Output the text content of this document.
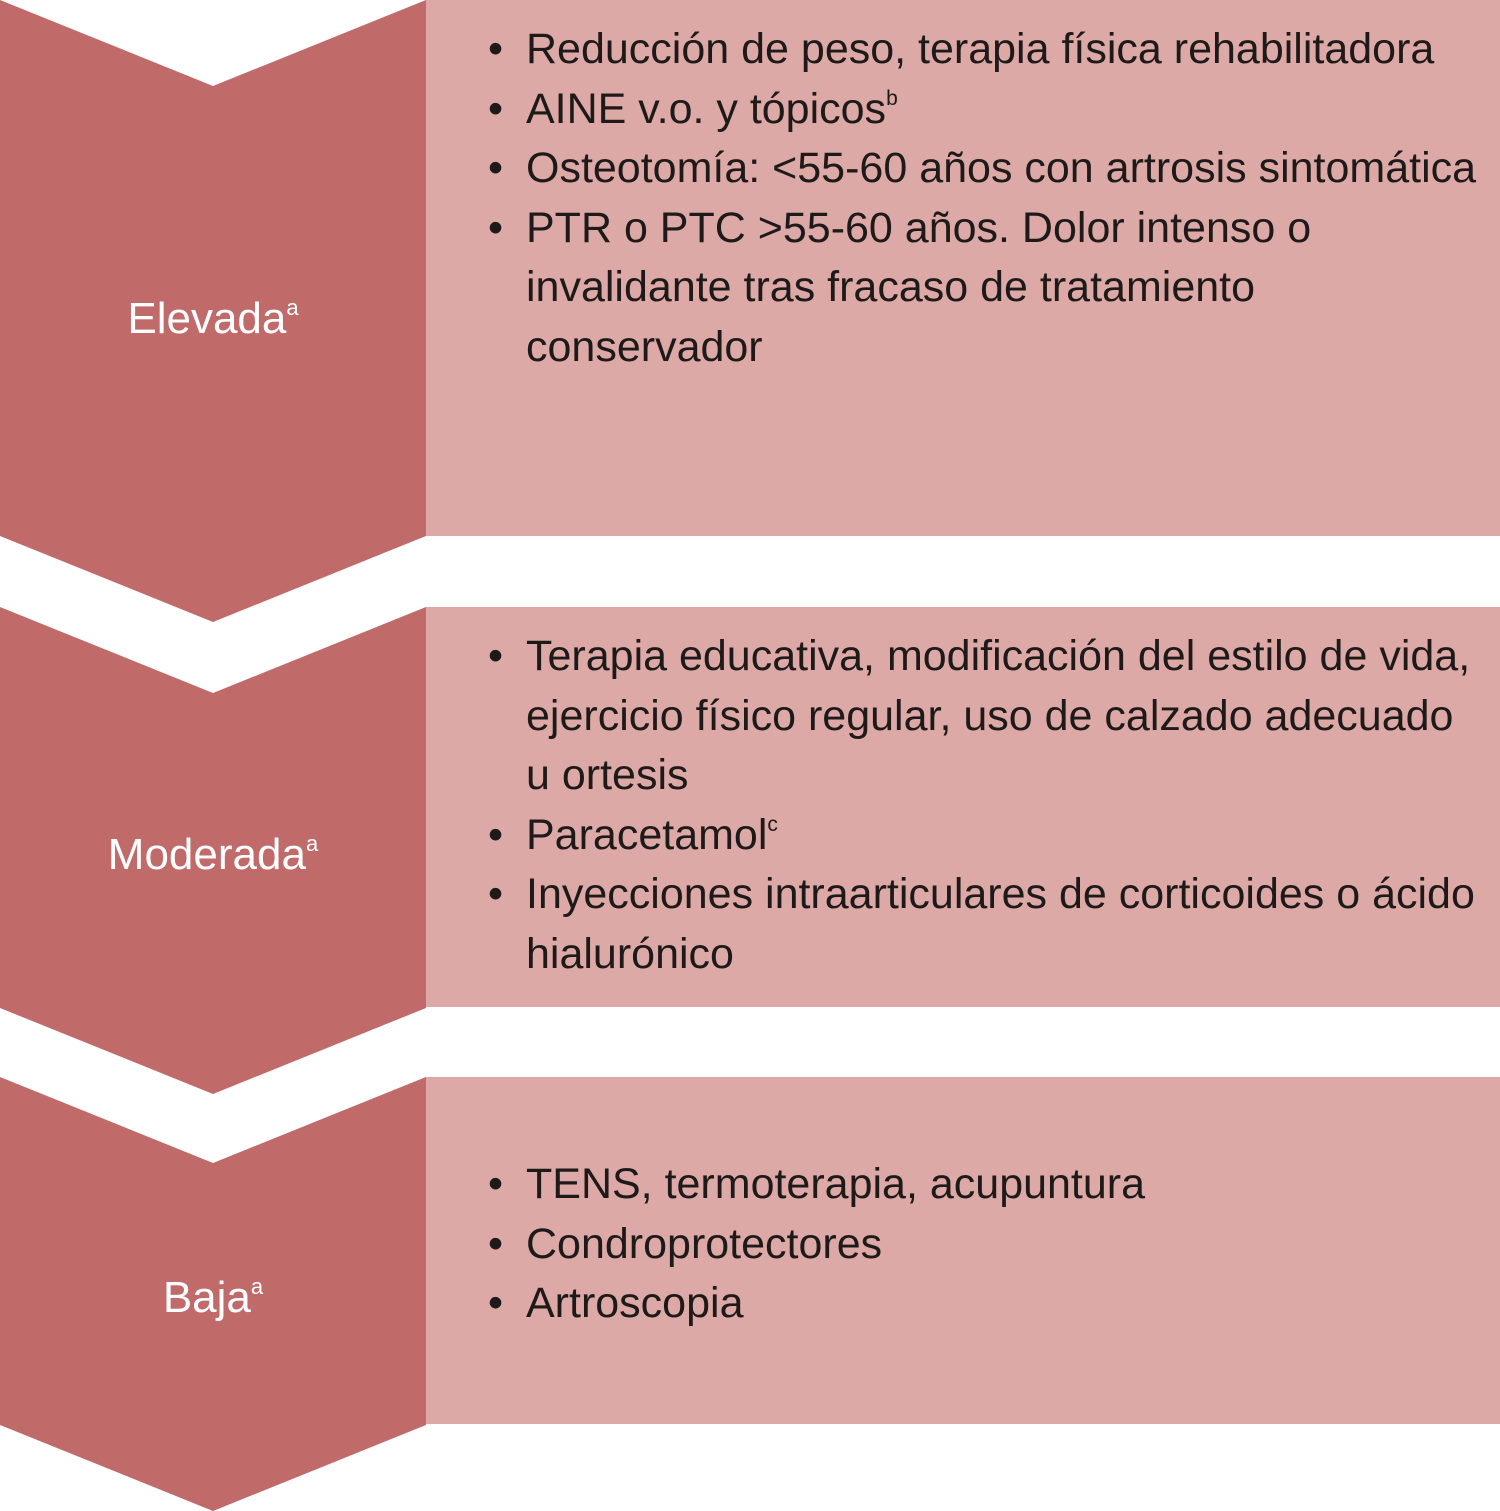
Elevada$^a$
• Reducción de peso, terapia física rehabilitadora
• AINE v.o. y tópicos$^b$
• Osteotomía: <55-60 años con artrosis sintomática
• PTR o PTC >55-60 años. Dolor intenso o invalidante tras fracaso de tratamiento conservador
Moderada$^a$
• Terapia educativa, modificación del estilo de vida, ejercicio físico regular, uso de calzado adecuado u ortesis
• Paracetamol$^c$
• Inyecciones intraarticulares de corticoides o ácido hialurónico
Baja$^a$
• TENS, termoterapia, acupuntura
• Condroprotectores
• Artroscopia
